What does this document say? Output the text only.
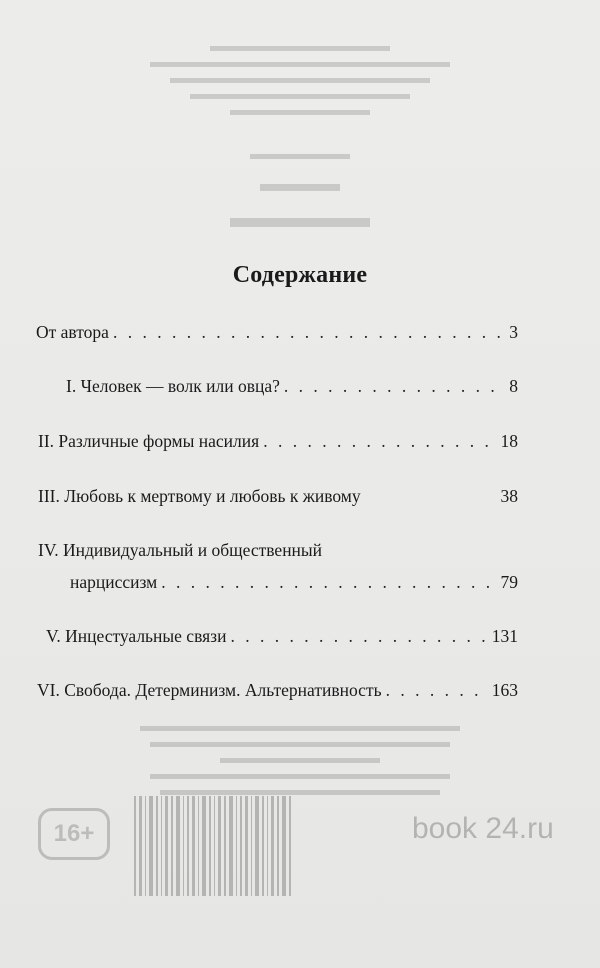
Содержание
От автора . . .	3
I. Человек — волк или овца? . . .	8
II. Различные формы насилия . . .	18
III. Любовь к мертвому и любовь к живому	38
IV. Индивидуальный и общественный
нарциссизм . . .	79
V. Инцестуальные связи . . .	131
VI. Свобода. Детерминизм. Альтернативность . . .	163
16+	book 24.ru
